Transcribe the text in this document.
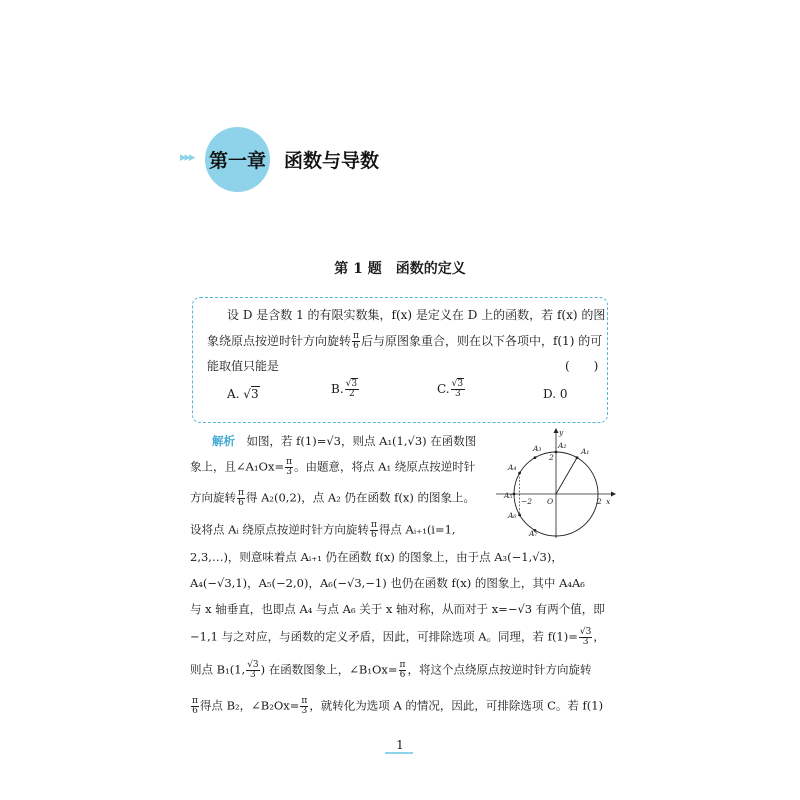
▸▸▸ 第一章 函数与导数
第 1 题　函数的定义
设 D 是含数 1 的有限实数集，f(x) 是定义在 D 上的函数，若 f(x) 的图
象绕原点按逆时针方向旋转 $\frac{\pi}{6}$ 后与原图象重合，则在以下各项中，f(1) 的可
能取值只能是	(　　)
A. √3	B. $\frac{√3}{2}$	C. $\frac{√3}{3}$	D. 0
解析　 如图，若 f(1)=√3，则点 A₁(1,√3) 在函数图
象上，且∠A₁Ox= $\frac{\pi}{3}$ 。由题意，将点 A₁ 绕原点按逆时针
方向旋转 $\frac{\pi}{6}$ 得 A₂(0,2)，点 A₂ 仍在函数 f(x) 的图象上。
设将点 Aᵢ 绕原点按逆时针方向旋转 $\frac{\pi}{6}$ 得点 Aᵢ₊₁(i=1,
2,3,…)，则意味着点 Aᵢ₊₁ 仍在函数 f(x) 的图象上，由于点 A₃(−1,√3)，
A₄(−√3,1)，A₅(−2,0)，A₆(−√3,−1) 也仍在函数 f(x) 的图象上，其中 A₄A₆
与 x 轴垂直，也即点 A₄ 与点 A₆ 关于 x 轴对称，从而对于 x=−√3 有两个值，即
−1,1 与之对应，与函数的定义矛盾，因此，可排除选项 A。同理，若 $f(1)= \frac{√3}{3}$ ，
则点 B₁(1, $\frac{√3}{3}$ ) 在函数图象上，∠B₁Ox= $\frac{\pi}{6}$ ，将这个点绕原点按逆时针方向旋转
$\frac{\pi}{6}$ 得点 B₂，∠B₂Ox= $\frac{\pi}{3}$ ，就转化为选项 A 的情况，因此，可排除选项 C。若 f(1)
y
x
O
2
−2	2
A₁
A₂
A₃
A₄
A₅
A₆
A₇
1
